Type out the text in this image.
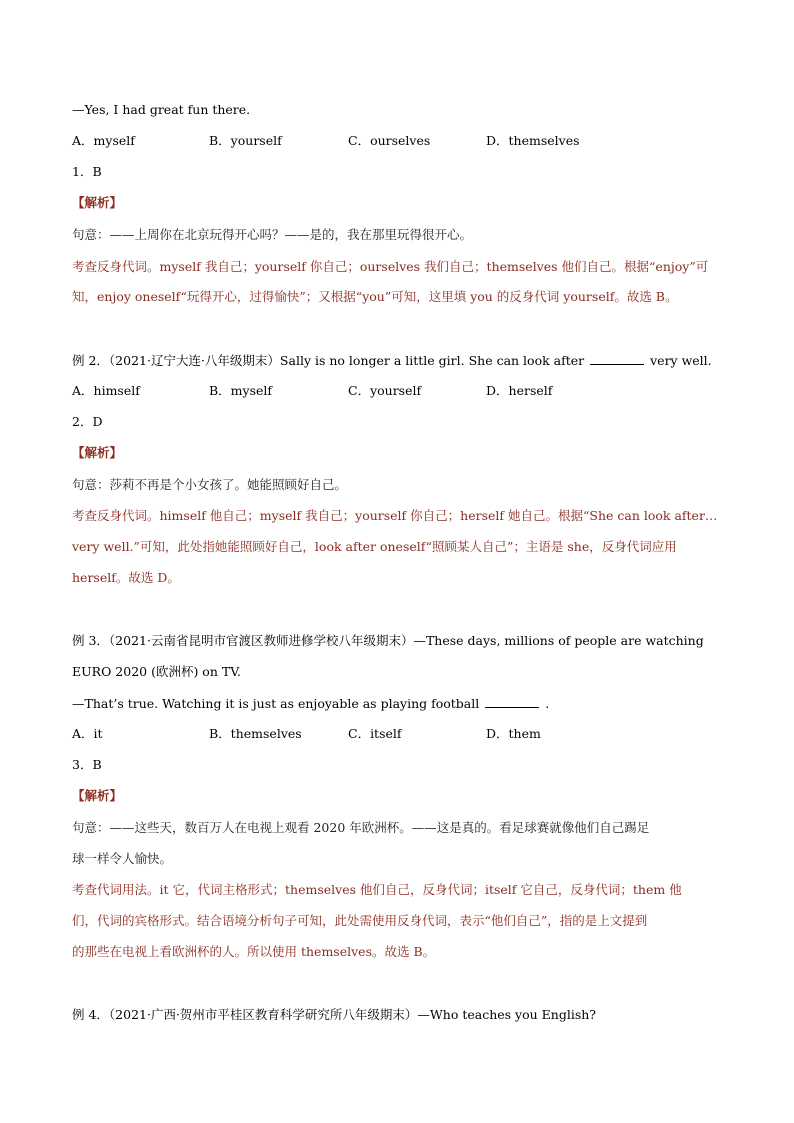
—Yes, I had great fun there.
A．myself	B．yourself	C．ourselves	D．themselves
1．B
【解析】
句意：——上周你在北京玩得开心吗？——是的，我在那里玩得很开心。
考查反身代词。myself 我自己；yourself 你自己；ourselves 我们自己；themselves 他们自己。根据“enjoy”可
知，enjoy oneself“玩得开心，过得愉快”；又根据“you”可知，这里填 you 的反身代词 yourself。故选 B。
例 2．（2021·辽宁大连·八年级期末）Sally is no longer a little girl. She can look after	very well.
A．himself	B．myself	C．yourself	D．herself
2．D
【解析】
句意：莎莉不再是个小女孩了。她能照顾好自己。
考查反身代词。himself 他自己；myself 我自己；yourself 你自己；herself 她自己。根据“She can look after…
very well.”可知，此处指她能照顾好自己，look after oneself“照顾某人自己”；主语是 she，反身代词应用
herself。故选 D。
例 3．（2021·云南省昆明市官渡区教师进修学校八年级期末）—These days, millions of people are watching
EURO 2020 (欧洲杯) on TV.
—That’s true. Watching it is just as enjoyable as playing football	.
A．it	B．themselves	C．itself	D．them
3．B
【解析】
句意：——这些天，数百万人在电视上观看 2020 年欧洲杯。——这是真的。看足球赛就像他们自己踢足
球一样令人愉快。
考查代词用法。it 它，代词主格形式；themselves 他们自己，反身代词；itself 它自己，反身代词；them 他
们，代词的宾格形式。结合语境分析句子可知，此处需使用反身代词，表示“他们自己”，指的是上文提到
的那些在电视上看欧洲杯的人。所以使用 themselves。故选 B。
例 4．（2021·广西·贺州市平桂区教育科学研究所八年级期末）—Who teaches you English?
